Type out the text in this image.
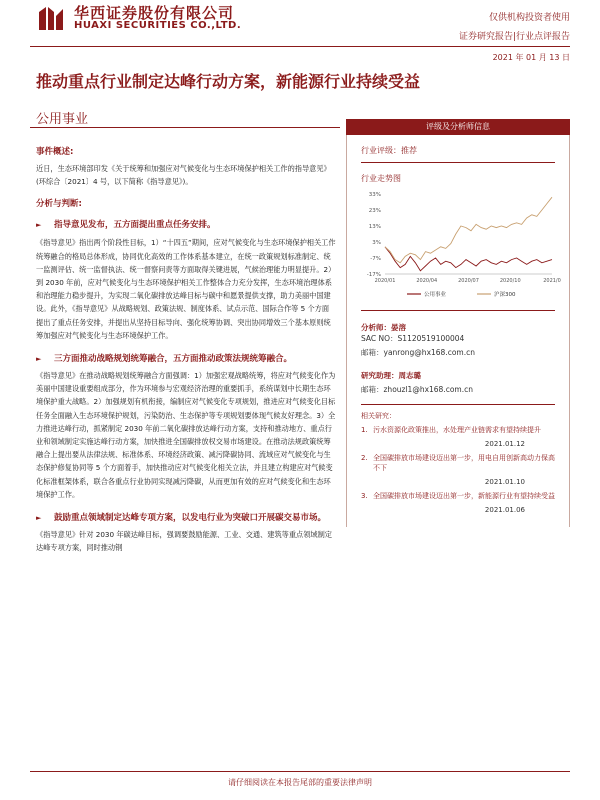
华西证券股份有限公司
HUAXI SECURITIES CO.,LTD.
仅供机构投资者使用
证券研究报告|行业点评报告
2021 年 01 月 13 日
推动重点行业制定达峰行动方案，新能源行业持续受益
公用事业
事件概述:
近日，生态环境部印发《关于统筹和加强应对气候变化与生态环境保护相关工作的指导意见》(环综合〔2021〕4 号，以下简称《指导意见》)。
分析与判断:
► 指导意见发布，五方面提出重点任务安排。
《指导意见》指出两个阶段性目标，1）“十四五”期间，应对气候变化与生态环境保护相关工作统筹融合的格局总体形成，协同优化高效的工作体系基本建立，在统一政策规划标准制定、统一监测评估、统一监督执法、统一督察问责等方面取得关键进展，气候治理能力明显提升。2）到 2030 年前，应对气候变化与生态环境保护相关工作整体合力充分发挥，生态环境治理体系和治理能力稳步提升，为实现二氧化碳排放达峰目标与碳中和愿景提供支撑，助力美丽中国建设。此外，《指导意见》从战略规划、政策法规、制度体系、试点示范、国际合作等 5 个方面提出了重点任务安排，并提出从坚持目标导向、强化统筹协调、突出协同增效三个基本原则统筹加强应对气候变化与生态环境保护工作。
► 三方面推动战略规划统筹融合，五方面推动政策法规统筹融合。
《指导意见》在推动战略规划统筹融合方面强调：1）加强宏观战略统筹，将应对气候变化作为美丽中国建设重要组成部分，作为环境参与宏观经济治理的重要抓手，系统谋划中长期生态环境保护重大战略。2）加强规划有机衔接，编制应对气候变化专项规划，推进应对气候变化目标任务全面融入生态环境保护规划，污染防治、生态保护等专项规划要体现气候友好理念。3）全力推进达峰行动，抓紧制定 2030 年前二氧化碳排放达峰行动方案，支持和推动地方、重点行业和领域制定实施达峰行动方案，加快推进全国碳排放权交易市场建设。在推动法规政策统筹融合上提出要从法律法规、标准体系、环境经济政策、减污降碳协同、流域应对气候变化与生态保护修复协同等 5 个方面着手，加快推动应对气候变化相关立法，并且建立构建应对气候变化标准框架体系，联合各重点行业协同实现减污降碳，从而更加有效的应对气候变化和生态环境保护工作。
► 鼓励重点领域制定达峰专项方案，以发电行业为突破口开展碳交易市场。
《指导意见》针对 2030 年碳达峰目标，强调要鼓励能源、工业、交通、建筑等重点领域制定达峰专项方案，同时推动钢
评级及分析师信息
行业评级：推荐
行业走势图
33%
23%
13%
3%
-7%
-17%
2020/01	2020/04	2020/07	2020/10	2021/0
公用事业	沪深300
分析师：晏溶
SAC NO：S1120519100004
邮箱：yanrong@hx168.com.cn
研究助理：周志璐
邮箱：zhouzl1@hx168.com.cn
相关研究：
1. 污水资源化政策推出，水处理产业链需求有望持续提升
2021.01.12
2. 全国碳排放市场建设迈出第一步，用电自用创新高动力保高不下
2021.01.10
3. 全国碳排放市场建设迈出第一步，新能源行业有望持续受益
2021.01.06
请仔细阅读在本报告尾部的重要法律声明
